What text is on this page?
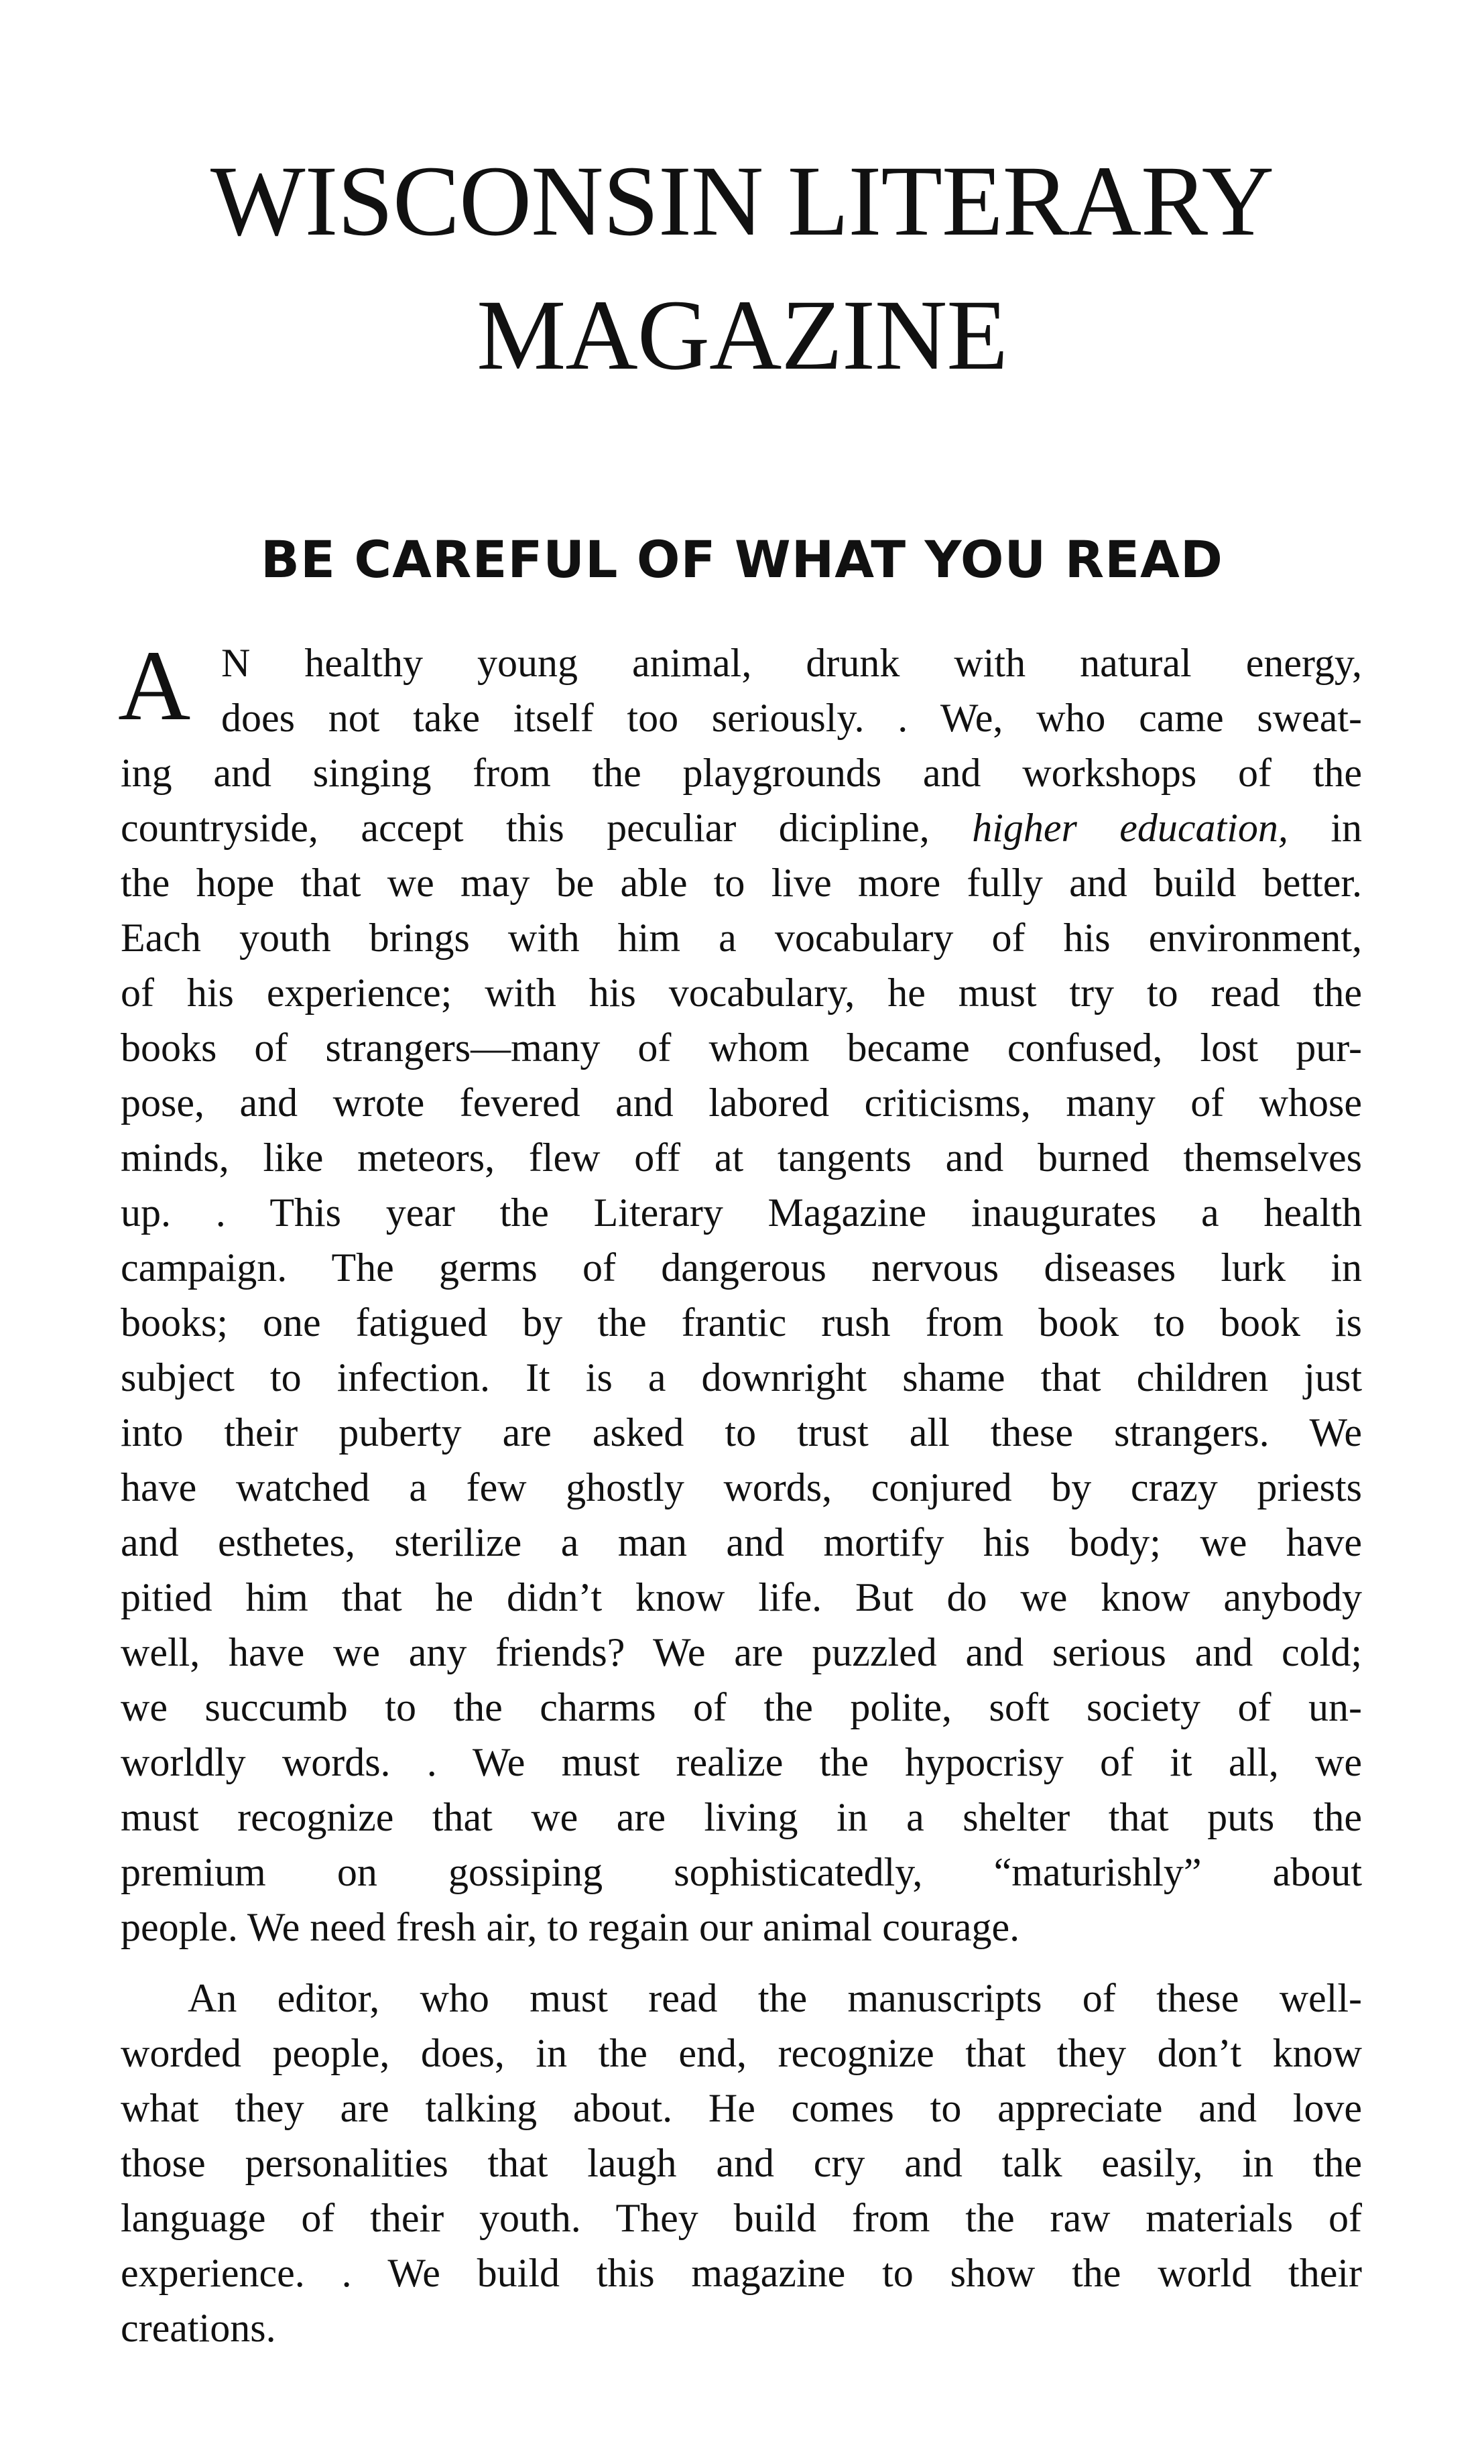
WISCONSIN LITERARY
MAGAZINE
BE CAREFUL OF WHAT YOU READ
A N healthy young animal, drunk with natural energy,
does not take itself too seriously. . We, who came sweat-
ing and singing from the playgrounds and workshops of the
countryside, accept this peculiar dicipline, higher education, in
the hope that we may be able to live more fully and build better.
Each youth brings with him a vocabulary of his environment,
of his experience; with his vocabulary, he must try to read the
books of strangers—many of whom became confused, lost pur-
pose, and wrote fevered and labored criticisms, many of whose
minds, like meteors, flew off at tangents and burned themselves
up. . This year the Literary Magazine inaugurates a health
campaign. The germs of dangerous nervous diseases lurk in
books; one fatigued by the frantic rush from book to book is
subject to infection. It is a downright shame that children just
into their puberty are asked to trust all these strangers. We
have watched a few ghostly words, conjured by crazy priests
and esthetes, sterilize a man and mortify his body; we have
pitied him that he didn’t know life. But do we know anybody
well, have we any friends? We are puzzled and serious and cold;
we succumb to the charms of the polite, soft society of un-
worldly words. . We must realize the hypocrisy of it all, we
must recognize that we are living in a shelter that puts the
premium on gossiping sophisticatedly, “maturishly” about
people. We need fresh air, to regain our animal courage.
An editor, who must read the manuscripts of these well-
worded people, does, in the end, recognize that they don’t know
what they are talking about. He comes to appreciate and love
those personalities that laugh and cry and talk easily, in the
language of their youth. They build from the raw materials of
experience. . We build this magazine to show the world their
creations.
